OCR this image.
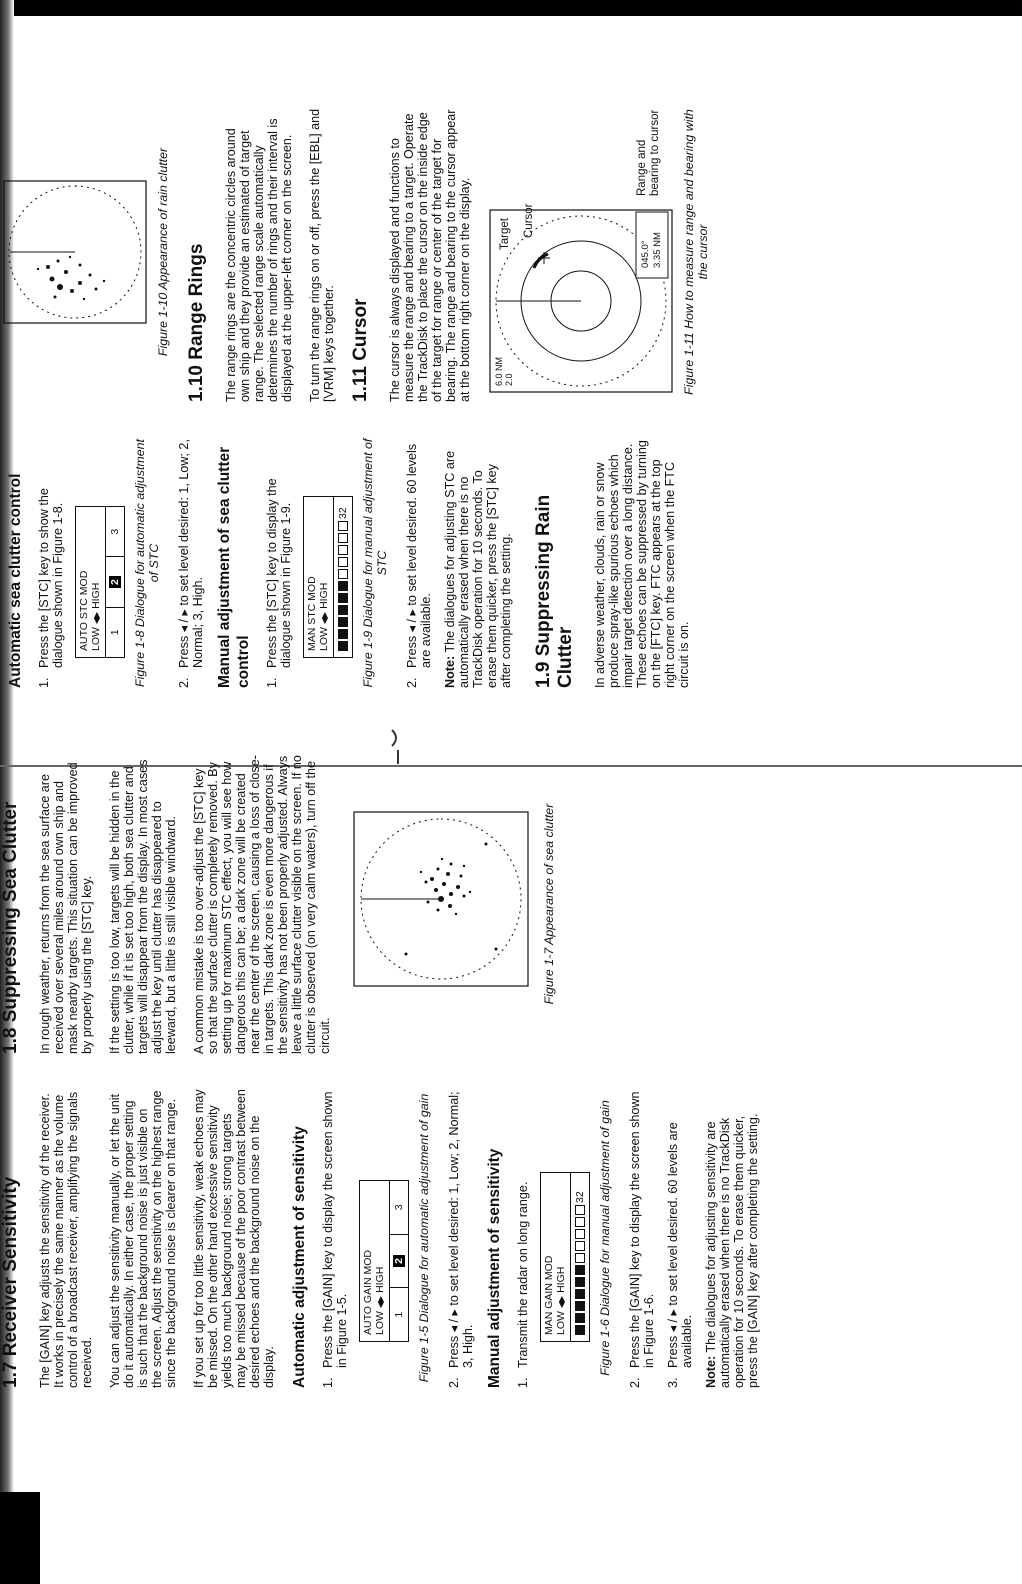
1.7 Receiver Sensitivity The [GAIN] key adjusts the sensitivity of the receiver. It works in precisely the same manner as the volume control of a broadcast receiver, amplifying the signals received. You can adjust the sensitivity manually, or let the unit do it automatically. In either case, the proper setting is such that the background noise is just visible on the screen. Adjust the sensitivity on the highest range since the background noise is clearer on that range. If you set up for too little sensitivity, weak echoes may be missed. On the other hand excessive sensitivity yields too much background noise; strong targets may be missed because of the poor contrast between desired echoes and the background noise on the display. Automatic adjustment of sensitivity 1.
Press the [GAIN] key to display the screen shown in Figure 1-5. AUTO GAIN MOD LOW ◀▶ HIGH
1
2
3 Figure 1-5 Dialogue for automatic adjustment of gain
2.
Press ◂ / ▸ to set level desired: 1, Low; 2, Normal; 3, High. Manual adjustment of sensitivity 1.
Transmit the radar on long range. MAN GAIN MOD LOW ◀▶ HIGH
32 Figure 1-6 Dialogue for manual adjustment of gain
2.
Press the [GAIN] key to display the screen shown in Figure 1-6.
3.
Press ◂ / ▸ to set level desired. 60 levels are available.

Note: The dialogues for adjusting sensitivity are automatically erased when there is no TrackDisk operation for 10 seconds. To erase them quicker, press the [GAIN] key after completing the setting.

1.8 Suppressing Sea Clutter In rough weather, returns from the sea surface are received over several miles around own ship and mask nearby targets. This situation can be improved by properly using the [STC] key. If the setting is too low, targets will be hidden in the clutter, while if it is set too high, both sea clutter and targets will disappear from the display. In most cases adjust the key until clutter has disappeared to leeward, but a little is still visible windward. A common mistake is too over-adjust the [STC] key so that the surface clutter is completely removed. By setting up for maximum STC effect, you will see how dangerous this can be; a dark zone will be created near the center of the screen, causing a loss of close-in targets. This dark zone is even more dangerous if the sensitivity has not been properly adjusted. Always leave a little surface clutter visible on the screen. If no clutter is observed (on very calm waters), turn off the circuit.

Figure 1-7 Appearance of sea clutter
Automatic sea clutter control 1.
Press the [STC] key to show the dialogue shown in Figure 1-8. AUTO STC MOD LOW ◀▶ HIGH
1
2
3 Figure 1-8 Dialogue for automatic adjustment of STC
2.
Press ◂ / ▸ to set level desired: 1, Low; 2, Normal; 3, High. Manual adjustment of sea clutter control 1.
Press the [STC] key to display the dialogue shown in Figure 1-9. MAN STC MOD LOW ◀▶ HIGH
32 Figure 1-9 Dialogue for manual adjustment of STC
2.
Press ◂ / ▸ to set level desired. 60 levels are available.

Note: The dialogues for adjusting STC are automatically erased when there is no TrackDisk operation for 10 seconds. To erase them quicker, press the [STC] key after completing the setting. 1.9 Suppressing Rain Clutter In adverse weather, clouds, rain or snow produce spray-like spurious echoes which impair target detection over a long distance. These echoes can be suppressed by turning on the [FTC] key. FTC appears at the top right corner on the screen when the FTC circuit is on.

Figure 1-10 Appearance of rain clutter 1.10 Range Rings The range rings are the concentric circles around own ship and they provide an estimated of target range. The selected range scale automatically determines the number of rings and their interval is displayed at the upper-left corner on the screen. To turn the range rings on or off, press the [EBL] and [VRM] keys together. 1.11 Cursor The cursor is always displayed and functions to measure the range and bearing to a target. Operate the TrackDisk to place the cursor on the inside edge of the target for range or center of the target for bearing. The range and bearing to the cursor appear at the bottom right corner on the display. 6.0 NM 2.0
Target Cursor
045.0° 3.35 NM
Range and bearing to cursor Figure 1-11 How to measure range and bearing with the cursor
